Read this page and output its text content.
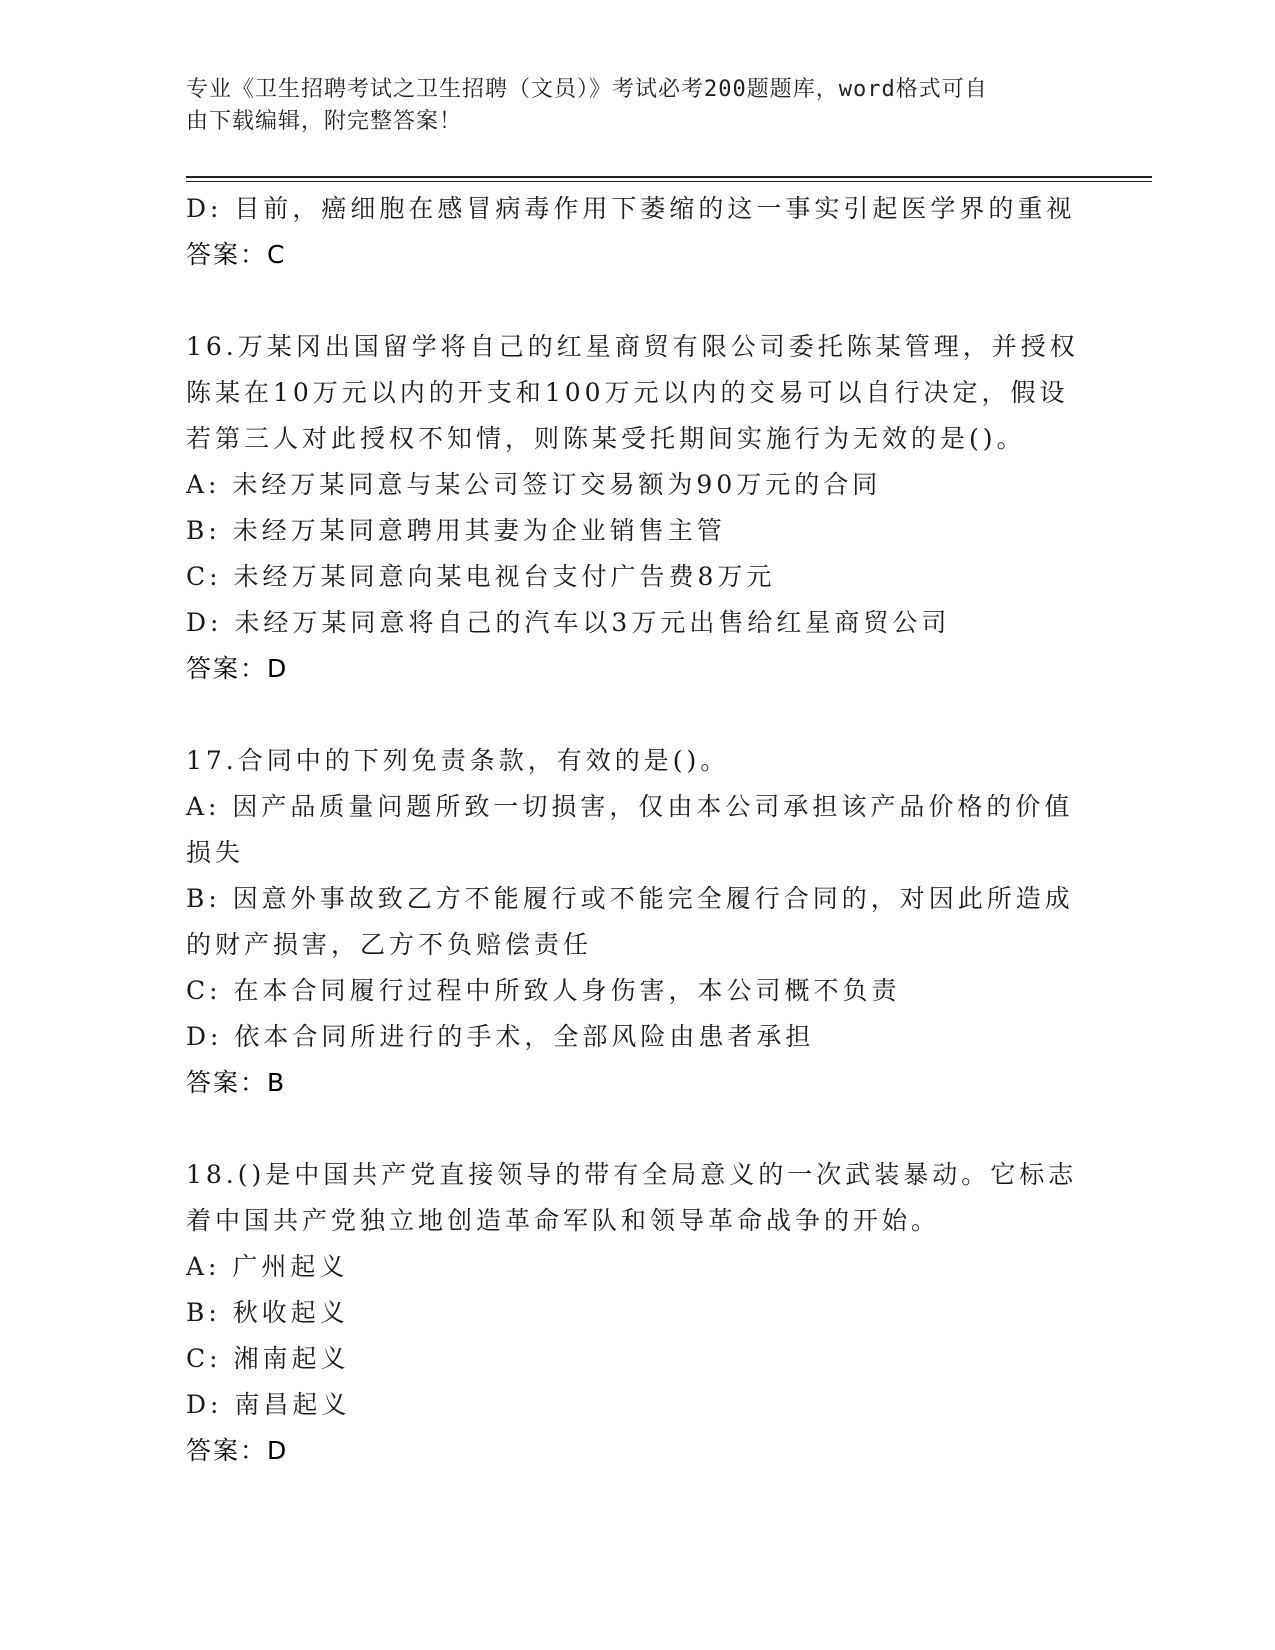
专业《卫生招聘考试之卫生招聘（文员）》考试必考200题题库，word格式可自
由下载编辑，附完整答案！
D: 目前，癌细胞在感冒病毒作用下萎缩的这一事实引起医学界的重视
答案：C
16.万某冈出国留学将自己的红星商贸有限公司委托陈某管理，并授权
陈某在10万元以内的开支和100万元以内的交易可以自行决定，假设
若第三人对此授权不知情，则陈某受托期间实施行为无效的是()。
A: 未经万某同意与某公司签订交易额为90万元的合同
B: 未经万某同意聘用其妻为企业销售主管
C: 未经万某同意向某电视台支付广告费8万元
D: 未经万某同意将自己的汽车以3万元出售给红星商贸公司
答案：D
17.合同中的下列免责条款，有效的是()。
A: 因产品质量问题所致一切损害，仅由本公司承担该产品价格的价值
损失
B: 因意外事故致乙方不能履行或不能完全履行合同的，对因此所造成
的财产损害，乙方不负赔偿责任
C: 在本合同履行过程中所致人身伤害，本公司概不负责
D: 依本合同所进行的手术，全部风险由患者承担
答案：B
18.()是中国共产党直接领导的带有全局意义的一次武装暴动。它标志
着中国共产党独立地创造革命军队和领导革命战争的开始。
A: 广州起义
B: 秋收起义
C: 湘南起义
D: 南昌起义
答案：D
